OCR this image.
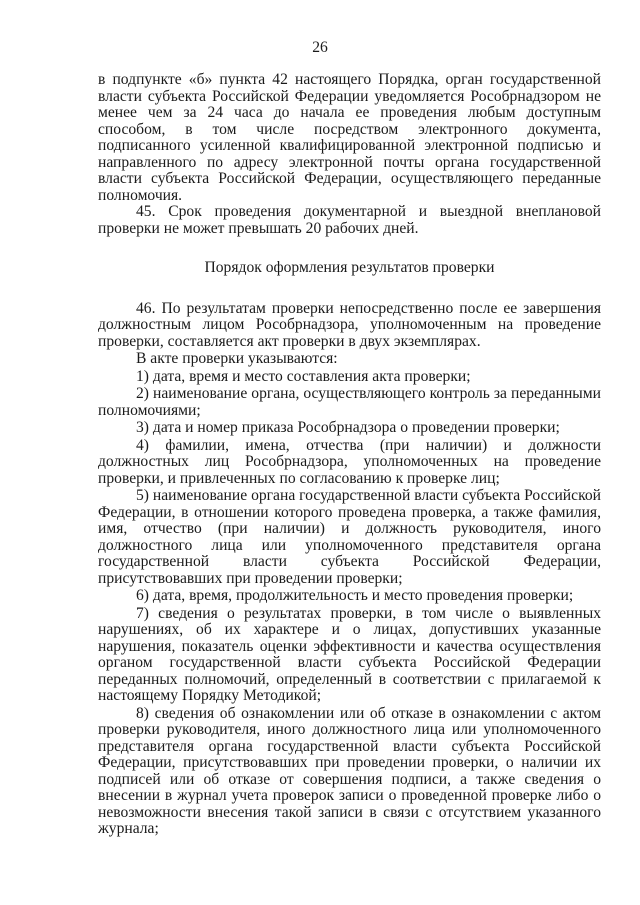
26

в подпункте «б» пункта 42 настоящего Порядка, орган государственной власти субъекта Российской Федерации уведомляется Рособрнадзором не менее чем за 24 часа до начала ее проведения любым доступным способом, в том числе посредством электронного документа, подписанного усиленной квалифицированной электронной подписью и направленного по адресу электронной почты органа государственной власти субъекта Российской Федерации, осуществляющего переданные полномочия.

45. Срок проведения документарной и выездной внеплановой проверки не может превышать 20 рабочих дней.

Порядок оформления результатов проверки

46. По результатам проверки непосредственно после ее завершения должностным лицом Рособрнадзора, уполномоченным на проведение проверки, составляется акт проверки в двух экземплярах.

В акте проверки указываются:

1) дата, время и место составления акта проверки;

2) наименование органа, осуществляющего контроль за переданными полномочиями;

3) дата и номер приказа Рособрнадзора о проведении проверки;

4) фамилии, имена, отчества (при наличии) и должности должностных лиц Рособрнадзора, уполномоченных на проведение проверки, и привлеченных по согласованию к проверке лиц;

5) наименование органа государственной власти субъекта Российской Федерации, в отношении которого проведена проверка, а также фамилия, имя, отчество (при наличии) и должность руководителя, иного должностного лица или уполномоченного представителя органа государственной власти субъекта Российской Федерации, присутствовавших при проведении проверки;

6) дата, время, продолжительность и место проведения проверки;

7) сведения о результатах проверки, в том числе о выявленных нарушениях, об их характере и о лицах, допустивших указанные нарушения, показатель оценки эффективности и качества осуществления органом государственной власти субъекта Российской Федерации переданных полномочий, определенный в соответствии с прилагаемой к настоящему Порядку Методикой;

8) сведения об ознакомлении или об отказе в ознакомлении с актом проверки руководителя, иного должностного лица или уполномоченного представителя органа государственной власти субъекта Российской Федерации, присутствовавших при проведении проверки, о наличии их подписей или об отказе от совершения подписи, а также сведения о внесении в журнал учета проверок записи о проведенной проверке либо о невозможности внесения такой записи в связи с отсутствием указанного журнала;
